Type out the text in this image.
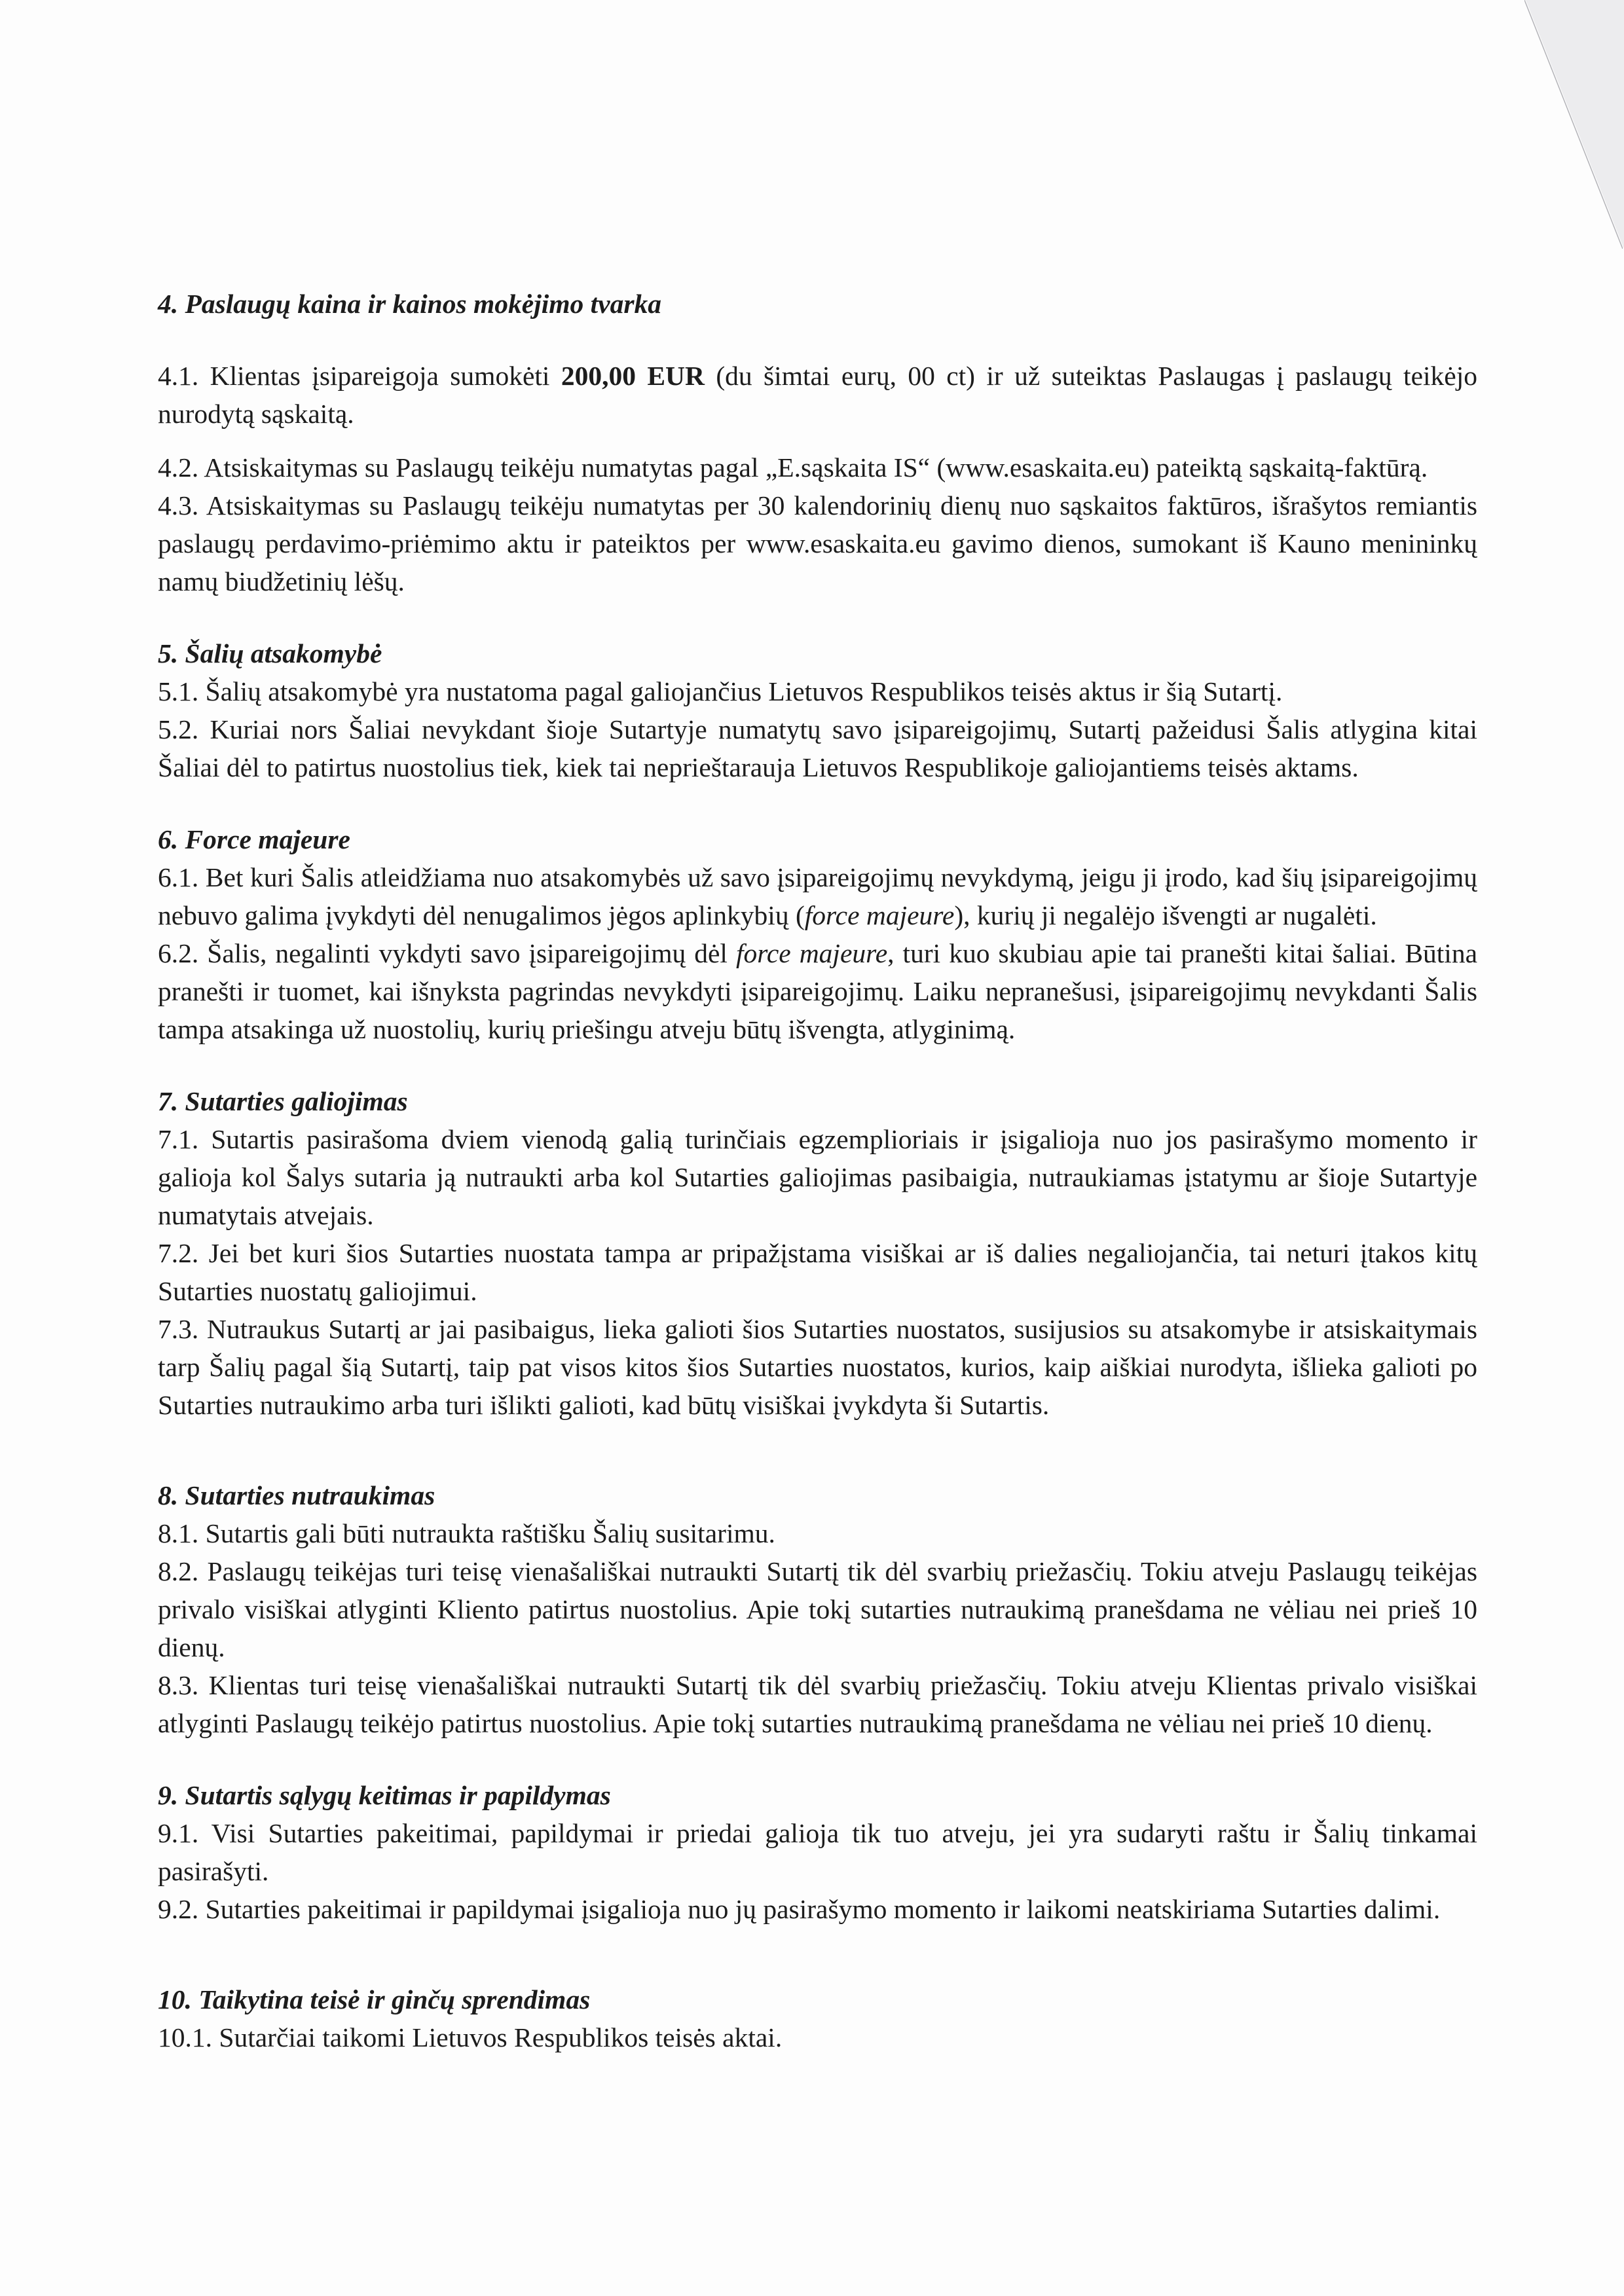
4. Paslaugų kaina ir kainos mokėjimo tvarka

4.1. Klientas įsipareigoja sumokėti 200,00 EUR (du šimtai eurų, 00 ct) ir už suteiktas Paslaugas į paslaugų teikėjo nurodytą sąskaitą.

4.2. Atsiskaitymas su Paslaugų teikėju numatytas pagal „E.sąskaita IS“ (www.esaskaita.eu) pateiktą sąskaitą-faktūrą.

4.3. Atsiskaitymas su Paslaugų teikėju numatytas per 30 kalendorinių dienų nuo sąskaitos faktūros, išrašytos remiantis paslaugų perdavimo-priėmimo aktu ir pateiktos per www.esaskaita.eu gavimo dienos, sumokant iš Kauno menininkų namų biudžetinių lėšų.

5. Šalių atsakomybė

5.1. Šalių atsakomybė yra nustatoma pagal galiojančius Lietuvos Respublikos teisės aktus ir šią Sutartį.

5.2. Kuriai nors Šaliai nevykdant šioje Sutartyje numatytų savo įsipareigojimų, Sutartį pažeidusi Šalis atlygina kitai Šaliai dėl to patirtus nuostolius tiek, kiek tai neprieštarauja Lietuvos Respublikoje galiojantiems teisės aktams.

6. Force majeure

6.1. Bet kuri Šalis atleidžiama nuo atsakomybės už savo įsipareigojimų nevykdymą, jeigu ji įrodo, kad šių įsipareigojimų nebuvo galima įvykdyti dėl nenugalimos jėgos aplinkybių (force majeure), kurių ji negalėjo išvengti ar nugalėti.

6.2. Šalis, negalinti vykdyti savo įsipareigojimų dėl force majeure, turi kuo skubiau apie tai pranešti kitai šaliai. Būtina pranešti ir tuomet, kai išnyksta pagrindas nevykdyti įsipareigojimų. Laiku nepranešusi, įsipareigojimų nevykdanti Šalis tampa atsakinga už nuostolių, kurių priešingu atveju būtų išvengta, atlyginimą.

7. Sutarties galiojimas

7.1. Sutartis pasirašoma dviem vienodą galią turinčiais egzemplioriais ir įsigalioja nuo jos pasirašymo momento ir galioja kol Šalys sutaria ją nutraukti arba kol Sutarties galiojimas pasibaigia, nutraukiamas įstatymu ar šioje Sutartyje numatytais atvejais.

7.2. Jei bet kuri šios Sutarties nuostata tampa ar pripažįstama visiškai ar iš dalies negaliojančia, tai neturi įtakos kitų Sutarties nuostatų galiojimui.

7.3. Nutraukus Sutartį ar jai pasibaigus, lieka galioti šios Sutarties nuostatos, susijusios su atsakomybe ir atsiskaitymais tarp Šalių pagal šią Sutartį, taip pat visos kitos šios Sutarties nuostatos, kurios, kaip aiškiai nurodyta, išlieka galioti po Sutarties nutraukimo arba turi išlikti galioti, kad būtų visiškai įvykdyta ši Sutartis.

8. Sutarties nutraukimas

8.1. Sutartis gali būti nutraukta raštišku Šalių susitarimu.

8.2. Paslaugų teikėjas turi teisę vienašališkai nutraukti Sutartį tik dėl svarbių priežasčių. Tokiu atveju Paslaugų teikėjas privalo visiškai atlyginti Kliento patirtus nuostolius. Apie tokį sutarties nutraukimą pranešdama ne vėliau nei prieš 10 dienų.

8.3. Klientas turi teisę vienašališkai nutraukti Sutartį tik dėl svarbių priežasčių. Tokiu atveju Klientas privalo visiškai atlyginti Paslaugų teikėjo patirtus nuostolius. Apie tokį sutarties nutraukimą pranešdama ne vėliau nei prieš 10 dienų.

9. Sutartis sąlygų keitimas ir papildymas

9.1. Visi Sutarties pakeitimai, papildymai ir priedai galioja tik tuo atveju, jei yra sudaryti raštu ir Šalių tinkamai pasirašyti.

9.2. Sutarties pakeitimai ir papildymai įsigalioja nuo jų pasirašymo momento ir laikomi neatskiriama Sutarties dalimi.

10. Taikytina teisė ir ginčų sprendimas

10.1. Sutarčiai taikomi Lietuvos Respublikos teisės aktai.
